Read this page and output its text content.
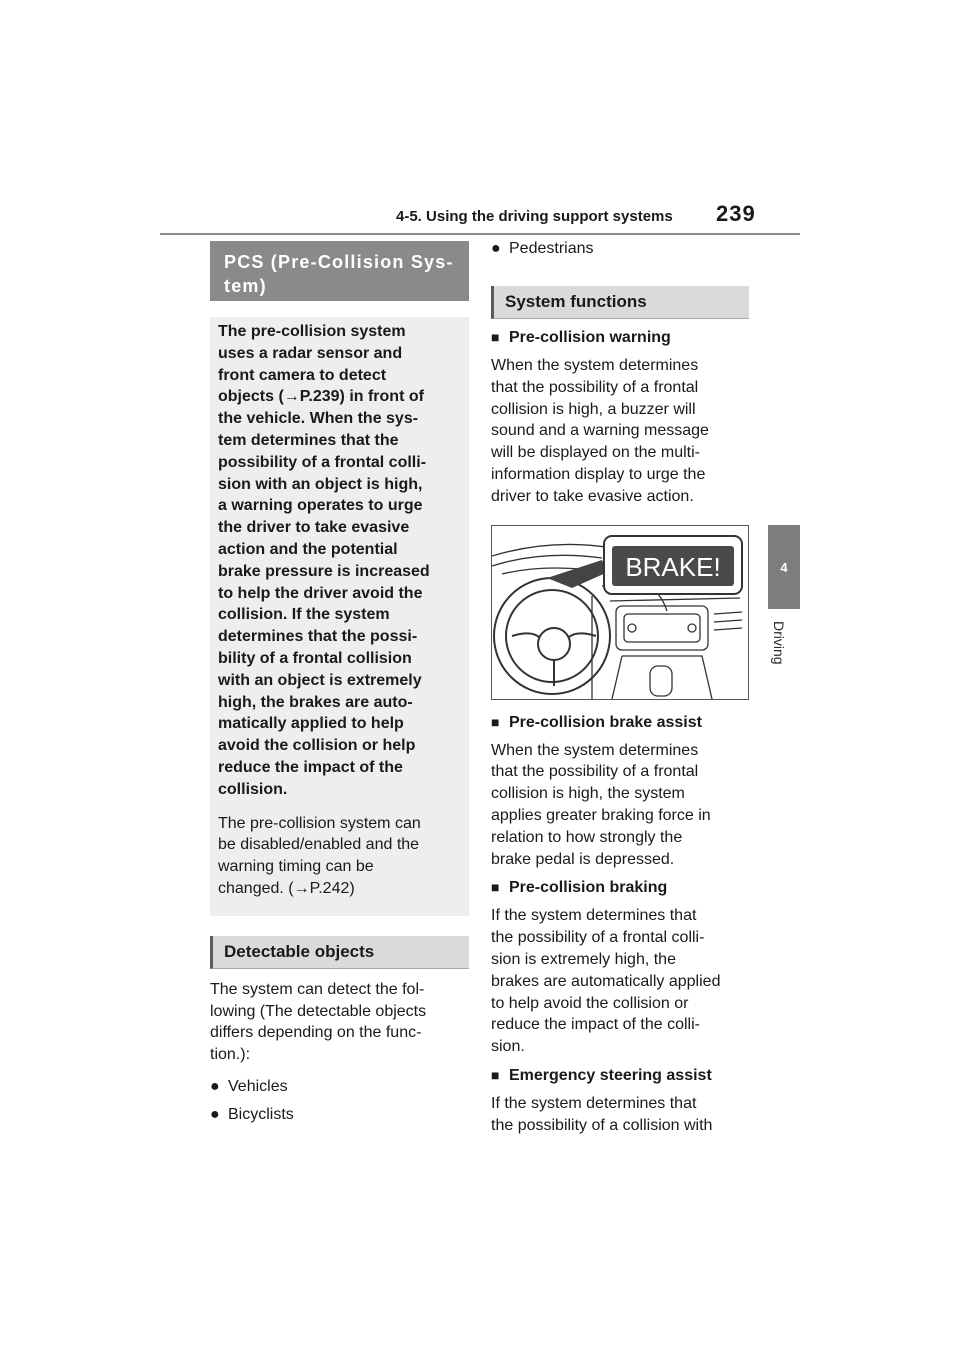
4-5. Using the driving support systems 239
4
Driving
PCS (Pre-Collision Sys-
tem)
The pre-collision system
uses a radar sensor and
front camera to detect
objects (→P.239) in front of
the vehicle. When the sys-
tem determines that the
possibility of a frontal colli-
sion with an object is high,
a warning operates to urge
the driver to take evasive
action and the potential
brake pressure is increased
to help the driver avoid the
collision. If the system
determines that the possi-
bility of a frontal collision
with an object is extremely
high, the brakes are auto-
matically applied to help
avoid the collision or help
reduce the impact of the
collision.
The pre-collision system can
be disabled/enabled and the
warning timing can be
changed. (→P.242)
Detectable objects
The system can detect the fol-
lowing (The detectable objects
differs depending on the func-
tion.):
● Vehicles
● Bicyclists
● Pedestrians
System functions
■ Pre-collision warning
When the system determines
that the possibility of a frontal
collision is high, a buzzer will
sound and a warning message
will be displayed on the multi-
information display to urge the
driver to take evasive action.
BRAKE!
■ Pre-collision brake assist
When the system determines
that the possibility of a frontal
collision is high, the system
applies greater braking force in
relation to how strongly the
brake pedal is depressed.
■ Pre-collision braking
If the system determines that
the possibility of a frontal colli-
sion is extremely high, the
brakes are automatically applied
to help avoid the collision or
reduce the impact of the colli-
sion.
■ Emergency steering assist
If the system determines that
the possibility of a collision with
